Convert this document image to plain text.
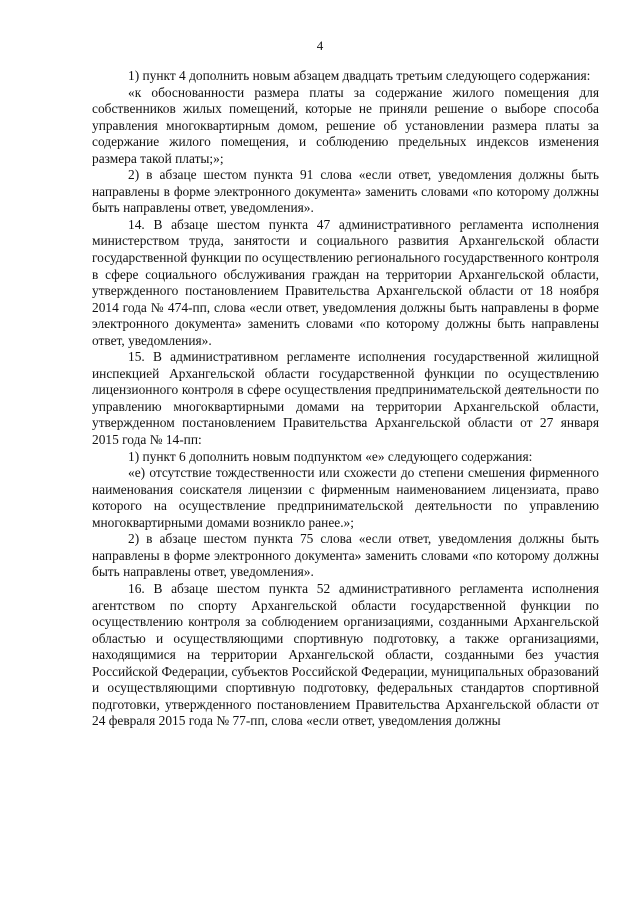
4

1) пункт 4 дополнить новым абзацем двадцать третьим следующего содержания:

«к обоснованности размера платы за содержание жилого помещения для собственников жилых помещений, которые не приняли решение о выборе способа управления многоквартирным домом, решение об установлении размера платы за содержание жилого помещения, и соблюдению предельных индексов изменения размера такой платы;»;

2) в абзаце шестом пункта 91 слова «если ответ, уведомления должны быть направлены в форме электронного документа» заменить словами «по которому должны быть направлены ответ, уведомления».

14. В абзаце шестом пункта 47 административного регламента исполнения министерством труда, занятости и социального развития Архангельской области государственной функции по осуществлению регионального государственного контроля в сфере социального обслуживания граждан на территории Архангельской области, утвержденного постановлением Правительства Архангельской области от 18 ноября 2014 года № 474-пп, слова «если ответ, уведомления должны быть направлены в форме электронного документа» заменить словами «по которому должны быть направлены ответ, уведомления».

15. В административном регламенте исполнения государственной жилищной инспекцией Архангельской области государственной функции по осуществлению лицензионного контроля в сфере осуществления предпринимательской деятельности по управлению многоквартирными домами на территории Архангельской области, утвержденном постановлением Правительства Архангельской области от 27 января 2015 года № 14-пп:

1) пункт 6 дополнить новым подпунктом «е» следующего содержания:

«е) отсутствие тождественности или схожести до степени смешения фирменного наименования соискателя лицензии с фирменным наименованием лицензиата, право которого на осуществление предпринимательской деятельности по управлению многоквартирными домами возникло ранее.»;

2) в абзаце шестом пункта 75 слова «если ответ, уведомления должны быть направлены в форме электронного документа» заменить словами «по которому должны быть направлены ответ, уведомления».

16. В абзаце шестом пункта 52 административного регламента исполнения агентством по спорту Архангельской области государственной функции по осуществлению контроля за соблюдением организациями, созданными Архангельской областью и осуществляющими спортивную подготовку, а также организациями, находящимися на территории Архангельской области, созданными без участия Российской Федерации, субъектов Российской Федерации, муниципальных образований и осуществляющими спортивную подготовку, федеральных стандартов спортивной подготовки, утвержденного постановлением Правительства Архангельской области от 24 февраля 2015 года № 77-пп, слова «если ответ, уведомления должны
